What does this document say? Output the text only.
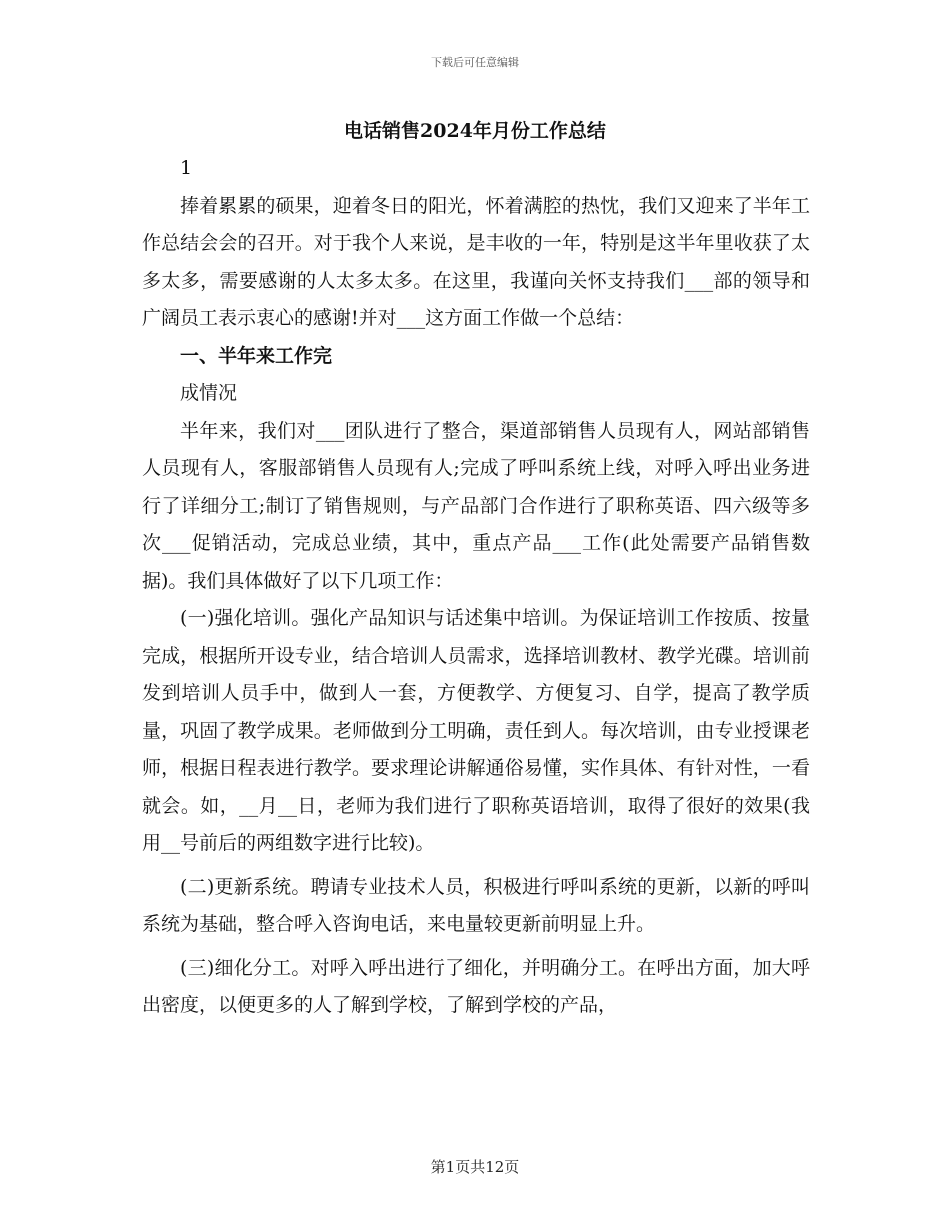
下载后可任意编辑
电话销售2024年月份工作总结

1

捧着累累的硕果，迎着冬日的阳光，怀着满腔的热忱，我们又迎来了半年工作总结会会的召开。对于我个人来说，是丰收的一年，特别是这半年里收获了太多太多，需要感谢的人太多太多。在这里，我谨向关怀支持我们___部的领导和广阔员工表示衷心的感谢!并对___这方面工作做一个总结：

一、半年来工作完

成情况

半年来，我们对___团队进行了整合，渠道部销售人员现有人，网站部销售人员现有人，客服部销售人员现有人;完成了呼叫系统上线，对呼入呼出业务进行了详细分工;制订了销售规则，与产品部门合作进行了职称英语、四六级等多次___促销活动，完成总业绩，其中，重点产品___工作(此处需要产品销售数据)。我们具体做好了以下几项工作：

(一)强化培训。强化产品知识与话述集中培训。为保证培训工作按质、按量完成，根据所开设专业，结合培训人员需求，选择培训教材、教学光碟。培训前发到培训人员手中，做到人一套，方便教学、方便复习、自学，提高了教学质量，巩固了教学成果。老师做到分工明确，责任到人。每次培训，由专业授课老师，根据日程表进行教学。要求理论讲解通俗易懂，实作具体、有针对性，一看就会。如，__月__日，老师为我们进行了职称英语培训，取得了很好的效果(我用__号前后的两组数字进行比较)。

(二)更新系统。聘请专业技术人员，积极进行呼叫系统的更新，以新的呼叫系统为基础，整合呼入咨询电话，来电量较更新前明显上升。

(三)细化分工。对呼入呼出进行了细化，并明确分工。在呼出方面，加大呼出密度，以便更多的人了解到学校，了解到学校的产品，

第1页共12页
